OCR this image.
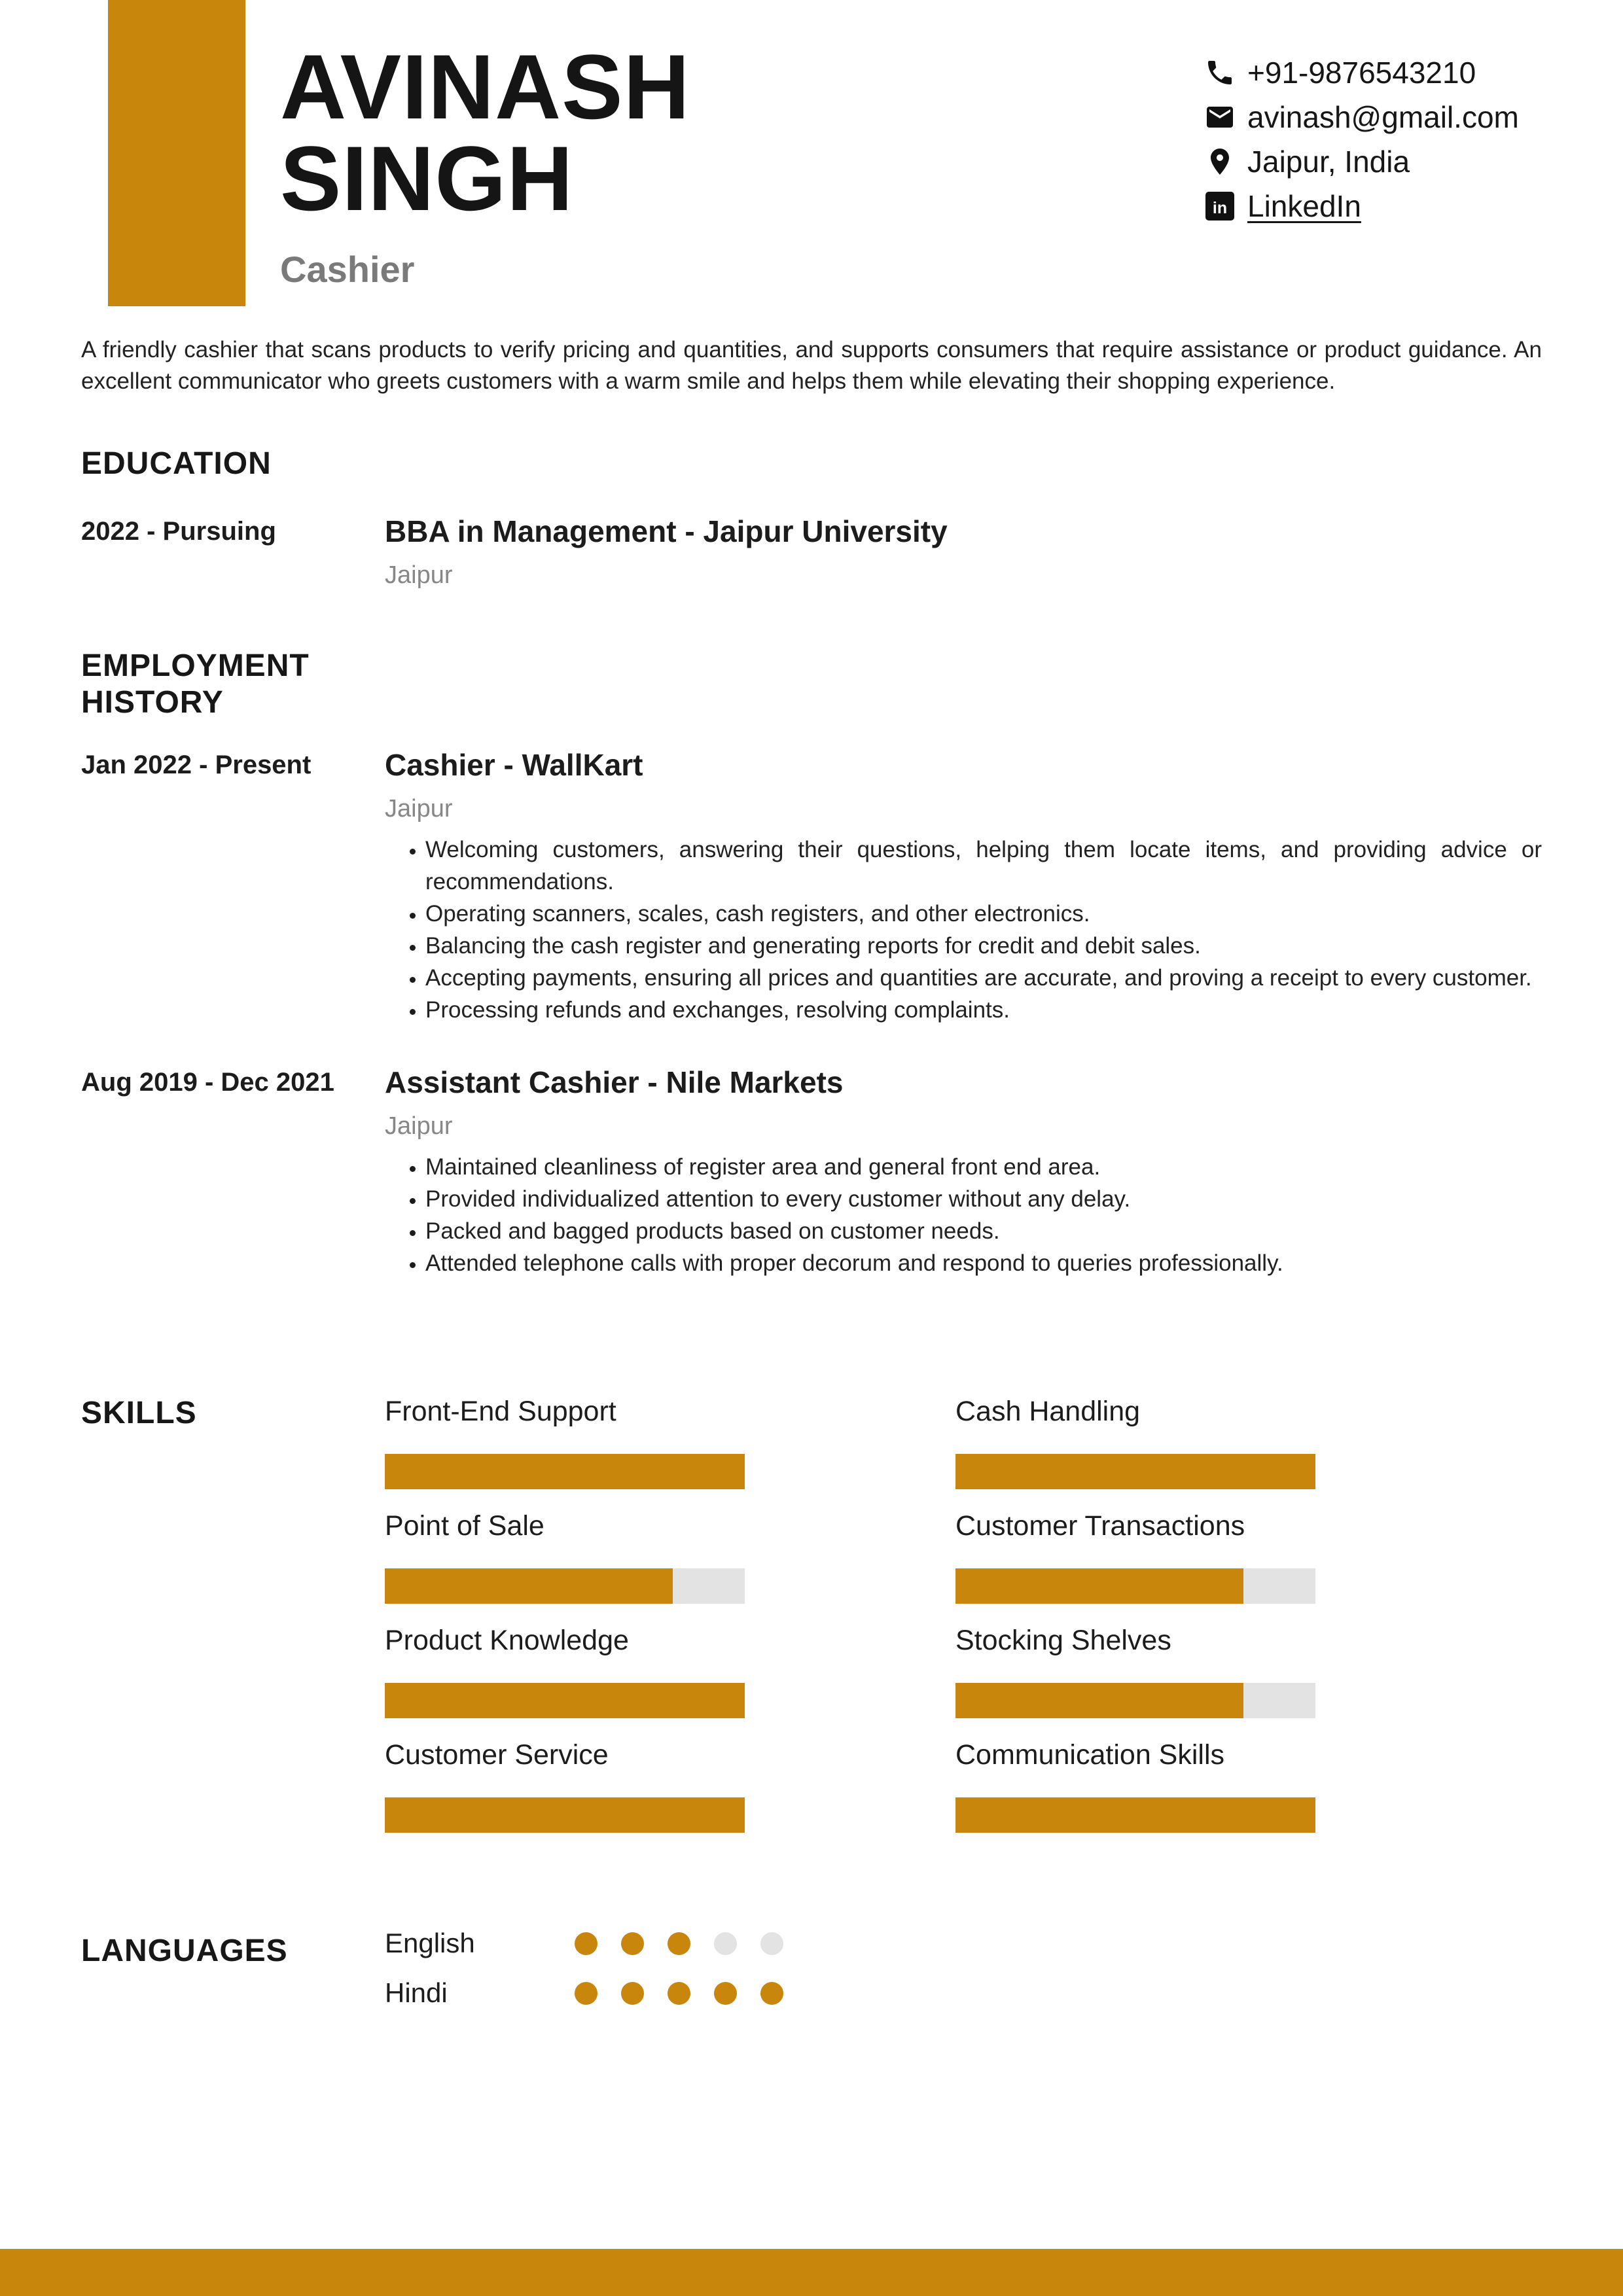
AVINASH
SINGH
Cashier
+91-9876543210
avinash@gmail.com
Jaipur, India
in LinkedIn

A friendly cashier that scans products to verify pricing and quantities, and supports consumers that require assistance or product guidance. An excellent communicator who greets customers with a warm smile and helps them while elevating their shopping experience.

EDUCATION
2022 - Pursuing	BBA in Management - Jaipur University
Jaipur
EMPLOYMENT HISTORY
Jan 2022 - Present	Cashier - WallKart
Jaipur
• Welcoming customers, answering their questions, helping them locate items, and providing advice or recommendations.
• Operating scanners, scales, cash registers, and other electronics.
• Balancing the cash register and generating reports for credit and debit sales.
• Accepting payments, ensuring all prices and quantities are accurate, and proving a receipt to every customer.
• Processing refunds and exchanges, resolving complaints.
Aug 2019 - Dec 2021	Assistant Cashier - Nile Markets
Jaipur
• Maintained cleanliness of register area and general front end area.
• Provided individualized attention to every customer without any delay.
• Packed and bagged products based on customer needs.
• Attended telephone calls with proper decorum and respond to queries professionally.
SKILLS	Front-End Support	Cash Handling
Point of Sale	Customer Transactions
Product Knowledge	Stocking Shelves
Customer Service	Communication Skills
LANGUAGES	English
Hindi
